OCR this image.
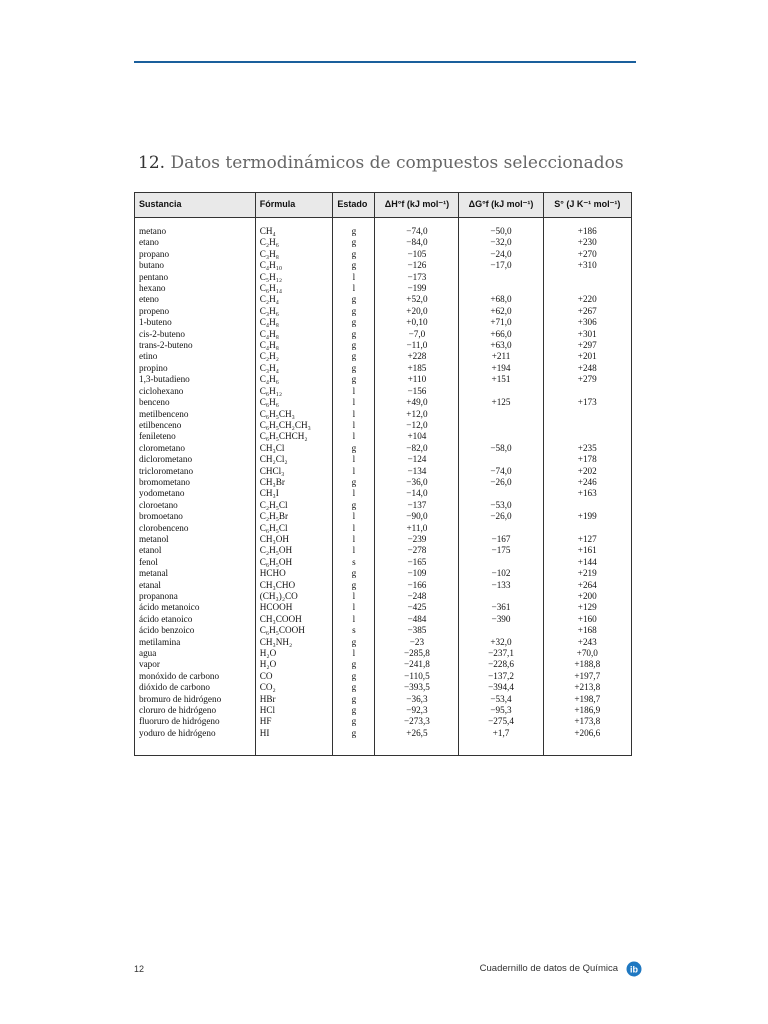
12. Datos termodinámicos de compuestos seleccionados
Sustancia	Fórmula	Estado	ΔH°f (kJ mol⁻¹)	ΔG°f (kJ mol⁻¹)	S° (J K⁻¹ mol⁻¹)
metano	CH₄	g	−74,0	−50,0	+186
etano	C₂H₆	g	−84,0	−32,0	+230
propano	C₃H₈	g	−105	−24,0	+270
butano	C₄H₁₀	g	−126	−17,0	+310
pentano	C₅H₁₂	l	−173		
hexano	C₆H₁₄	l	−199		
eteno	C₂H₄	g	+52,0	+68,0	+220
propeno	C₃H₆	g	+20,0	+62,0	+267
1-buteno	C₄H₈	g	+0,10	+71,0	+306
cis-2-buteno	C₄H₈	g	−7,0	+66,0	+301
trans-2-buteno	C₄H₈	g	−11,0	+63,0	+297
etino	C₂H₂	g	+228	+211	+201
propino	C₃H₄	g	+185	+194	+248
1,3-butadieno	C₄H₆	g	+110	+151	+279
ciclohexano	C₆H₁₂	l	−156		
benceno	C₆H₆	l	+49,0	+125	+173
metilbenceno	C₆H₅CH₃	l	+12,0		
etilbenceno	C₆H₅CH₂CH₃	l	−12,0		
fenileteno	C₆H₅CHCH₂	l	+104		
clorometano	CH₃Cl	g	−82,0	−58,0	+235
diclorometano	CH₂Cl₂	l	−124		+178
triclorometano	CHCl₃	l	−134	−74,0	+202
bromometano	CH₃Br	g	−36,0	−26,0	+246
yodometano	CH₃I	l	−14,0		+163
cloroetano	C₂H₅Cl	g	−137	−53,0	
bromoetano	C₂H₅Br	l	−90,0	−26,0	+199
clorobenceno	C₆H₅Cl	l	+11,0		
metanol	CH₃OH	l	−239	−167	+127
etanol	C₂H₅OH	l	−278	−175	+161
fenol	C₆H₅OH	s	−165		+144
metanal	HCHO	g	−109	−102	+219
etanal	CH₃CHO	g	−166	−133	+264
propanona	(CH₃)₂CO	l	−248		+200
ácido metanoico	HCOOH	l	−425	−361	+129
ácido etanoico	CH₃COOH	l	−484	−390	+160
ácido benzoico	C₆H₅COOH	s	−385		+168
metilamina	CH₃NH₂	g	−23	+32,0	+243
agua	H₂O	l	−285,8	−237,1	+70,0
vapor	H₂O	g	−241,8	−228,6	+188,8
monóxido de carbono	CO	g	−110,5	−137,2	+197,7
dióxido de carbono	CO₂	g	−393,5	−394,4	+213,8
bromuro de hidrógeno	HBr	g	−36,3	−53,4	+198,7
cloruro de hidrógeno	HCl	g	−92,3	−95,3	+186,9
fluoruro de hidrógeno	HF	g	−273,3	−275,4	+173,8
yoduro de hidrógeno	HI	g	+26,5	+1,7	+206,6
12	Cuadernillo de datos de Química ib
